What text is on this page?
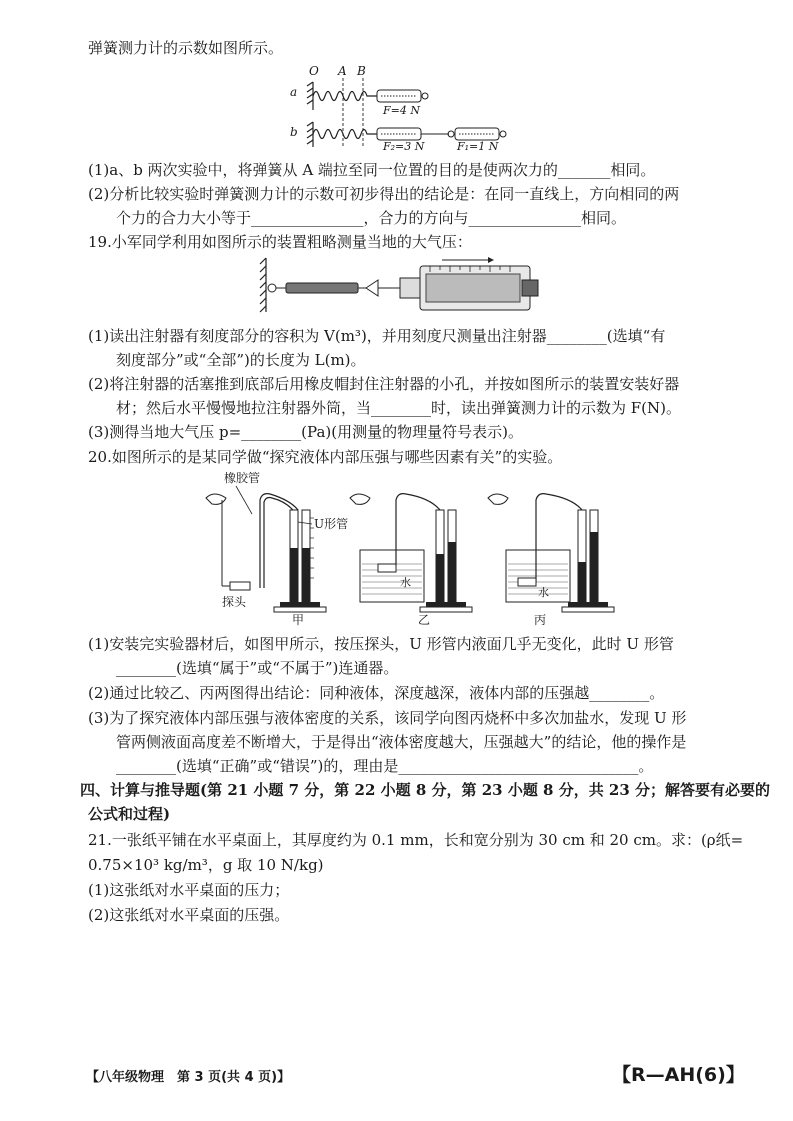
弹簧测力计的示数如图所示。
O A B
a
b
F=4 N
F₂=3 N	F₁=1 N
(1)a、b 两次实验中，将弹簧从 A 端拉至同一位置的目的是使两次力的_______相同。
(2)分析比较实验时弹簧测力计的示数可初步得出的结论是：在同一直线上，方向相同的两
个力的合力大小等于_______________，合力的方向与_______________相同。
19.小军同学利用如图所示的装置粗略测量当地的大气压：
(1)读出注射器有刻度部分的容积为 V(m³)，并用刻度尺测量出注射器________(选填“有
刻度部分”或“全部”)的长度为 L(m)。
(2)将注射器的活塞推到底部后用橡皮帽封住注射器的小孔，并按如图所示的装置安装好器
材；然后水平慢慢地拉注射器外筒，当________时，读出弹簧测力计的示数为 F(N)。
(3)测得当地大气压 p=________(Pa)(用测量的物理量符号表示)。
20.如图所示的是某同学做“探究液体内部压强与哪些因素有关”的实验。
橡胶管
探头
U形管
甲
水
乙
水
丙
(1)安装完实验器材后，如图甲所示，按压探头，U 形管内液面几乎无变化，此时 U 形管
________(选填“属于”或“不属于”)连通器。
(2)通过比较乙、丙两图得出结论：同种液体，深度越深，液体内部的压强越________。
(3)为了探究液体内部压强与液体密度的关系，该同学向图丙烧杯中多次加盐水，发现 U 形
管两侧液面高度差不断增大，于是得出“液体密度越大，压强越大”的结论，他的操作是
________(选填“正确”或“错误”)的，理由是________________________________。
四、计算与推导题(第 21 小题 7 分，第 22 小题 8 分，第 23 小题 8 分，共 23 分；解答要有必要的
公式和过程)
21.一张纸平铺在水平桌面上，其厚度约为 0.1 mm，长和宽分别为 30 cm 和 20 cm。求：(ρ纸=
0.75×10³ kg/m³，g 取 10 N/kg)
(1)这张纸对水平桌面的压力；
(2)这张纸对水平桌面的压强。
【八年级物理　第 3 页(共 4 页)】	【R—AH(6)】
